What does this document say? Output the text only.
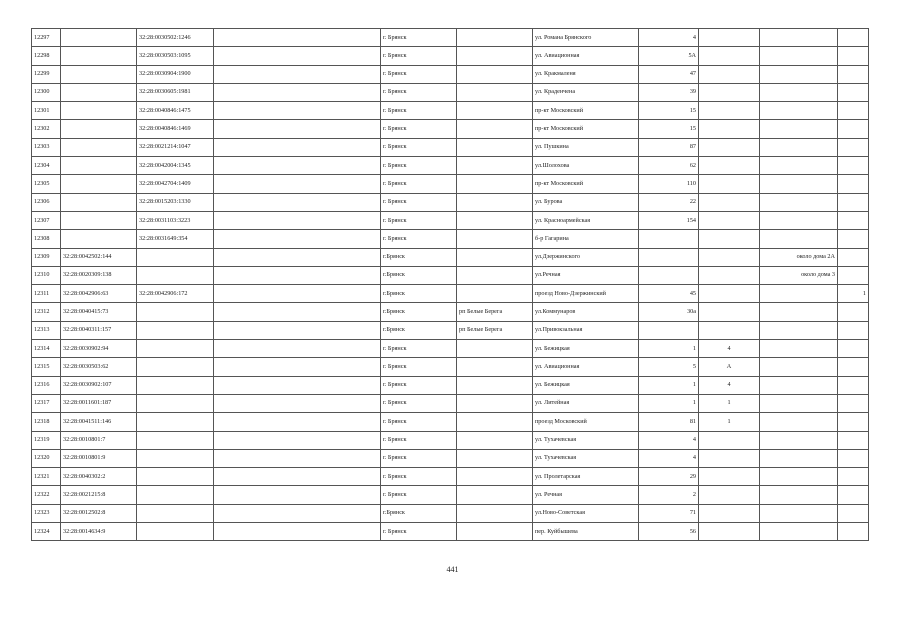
12297		32:28:0030502:1246		г. Брянск		ул. Романа Брянского	4			
12298		32:28:0030503:1095		г. Брянск		ул. Авиационная	5А			
12299		32:28:0030904:1900		г. Брянск		ул. Кракмаленя	47			
12300		32:28:0030605:1981		г. Брянск		ул. Краденчена	39			
12301		32:28:0040846:1475		г. Брянск		пр-кт Московский	15			
12302		32:28:0040846:1469		г. Брянск		пр-кт Московский	15			
12303		32:28:0021214:1047		г. Брянск		ул. Пушкина	87			
12304		32:28:0042004:1345		г. Брянск		ул.Шолохова	62			
12305		32:28:0042704:1409		г. Брянск		пр-кт Московский	110			
12306		32:28:0015203:1330		г. Брянск		ул. Бурова	22			
12307		32:28:0031103:3223		г. Брянск		ул. Красноармейская	154			
12308		32:28:0031649:354		г. Брянск		б-р Гагарина				
12309	32:28:0042502:144			г.Брянск		ул.Дзержинского			около дома 2А	
12310	32:28:0020309:138			г.Брянск		ул.Речная			около дома 3	
12311	32:28:0042906:63	32:28:0042906:172		г.Брянск		проезд Ново-Дзержинский	45			1
12312	32:28:0040415:73			г.Брянск	рп Белые Берега	ул.Коммунаров	30а			
12313	32:28:0040311:157			г.Брянск	рп Белые Берега	ул.Привокзальная				
12314	32:28:0030902:94			г. Брянск		ул. Бежицкая	1	4		
12315	32:28:0030503:62			г. Брянск		ул. Авиационная	5	А		
12316	32:28:0030902:107			г. Брянск		ул. Бежицкая	1	4		
12317	32:28:0011601:187			г. Брянск		ул. Литейная	1	1		
12318	32:28:0041511:146			г. Брянск		проезд Московский	81	1		
12319	32:28:0010801:7			г. Брянск		ул. Тухачевская	4			
12320	32:28:0010801:9			г. Брянск		ул. Тухачевская	4			
12321	32:28:0040302:2			г. Брянск		ул. Пролетарская	29			
12322	32:28:0021215:8			г. Брянск		ул. Речная	2			
12323	32:28:0012502:8			г.Брянск		ул.Ново-Советская	71			
12324	32:28:0014634:9			г. Брянск		пер. Куйбышева	56			
441
